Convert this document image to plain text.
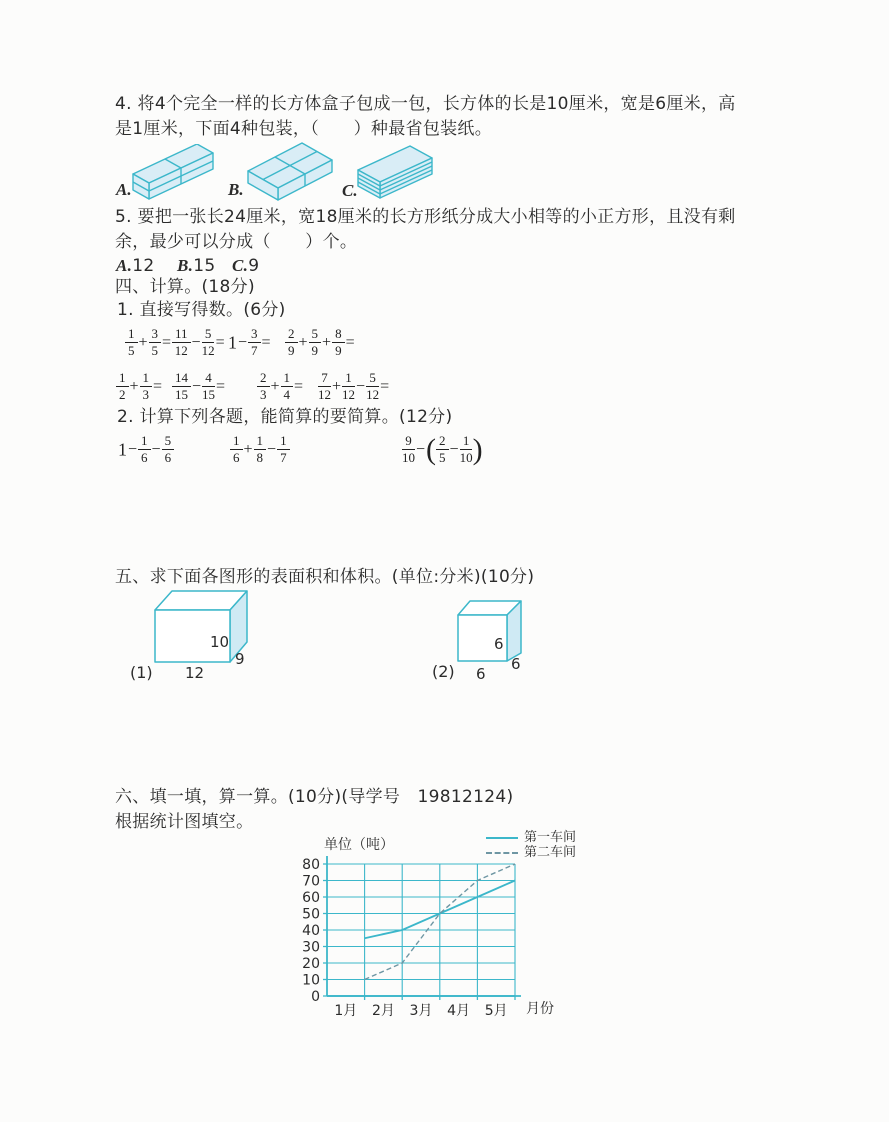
4. 将4个完全一样的长方体盒子包成一包，长方体的长是10厘米，宽是6厘米，高
是1厘米，下面4种包装，（　　）种最省包装纸。
A.	B.	C.
5. 要把一张长24厘米，宽18厘米的长方形纸分成大小相等的小正方形，且没有剩
余，最少可以分成（　　）个。
A.12 B.15 C.9
四、计算。(18分)
1. 直接写得数。(6分)
$\frac{1}{5} + \frac{3}{5} = \frac{11}{12} - \frac{5}{12} = 1- \frac{3}{7} = \frac{2}{9} + \frac{5}{9} + \frac{8}{9}$ =
$\frac{1}{2} + \frac{1}{3} = \frac{14}{15} - \frac{4}{15} = \frac{2}{3} + \frac{1}{4} = \frac{7}{12} + \frac{1}{12} - \frac{5}{12}$ =
2. 计算下列各题，能简算的要简算。(12分)
$1- \frac{1}{6} - \frac{5}{6}$	$\frac{1}{6} + \frac{1}{8} - \frac{1}{7}$	$\frac{9}{10}$ −( $\frac{2}{5} - \frac{1}{10}$ )
五、求下面各图形的表面积和体积。(单位:分米)(10分)
10
9
12
(1)
6
6
6
(2)
六、填一填，算一算。(10分)(导学号　19812124)
根据统计图填空。
0
10
20
30
40
50
60
70
80
1月 2月 3月 4月 5月
单位（吨）
月份
第一车间
第二车间
